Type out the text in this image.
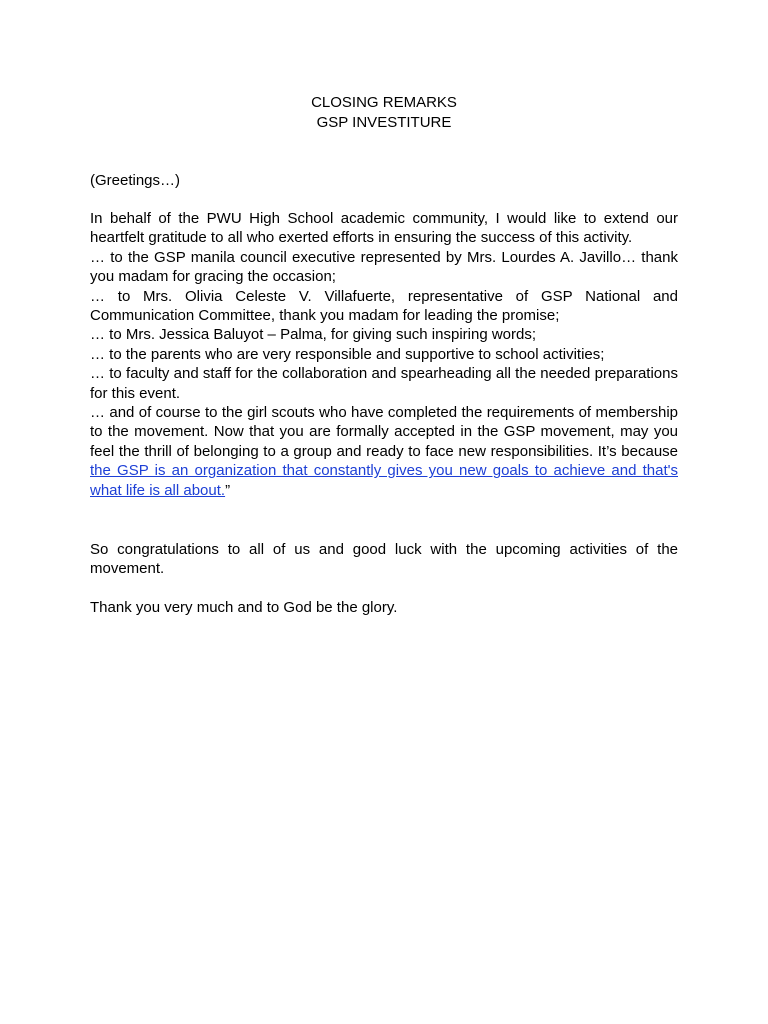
CLOSING REMARKS
GSP INVESTITURE
(Greetings…)
In behalf of the PWU High School academic community, I would like to extend our heartfelt gratitude to all who exerted efforts in ensuring the success of this activity.
… to the GSP manila council executive represented by Mrs. Lourdes A. Javillo… thank you madam for gracing the occasion;
… to Mrs. Olivia Celeste V. Villafuerte, representative of GSP National and Communication Committee, thank you madam for leading the promise;
… to Mrs. Jessica Baluyot – Palma, for giving such inspiring words;
… to the parents who are very responsible and supportive to school activities;
… to faculty and staff for the collaboration and spearheading all the needed preparations for this event.
… and of course to the girl scouts who have completed the requirements of membership to the movement. Now that you are formally accepted in the GSP movement, may you feel the thrill of belonging to a group and ready to face new responsibilities. It’s because the GSP is an organization that constantly gives you new goals to achieve and that's what life is all about.”
So congratulations to all of us and good luck with the upcoming activities of the movement.
Thank you very much and to God be the glory.
